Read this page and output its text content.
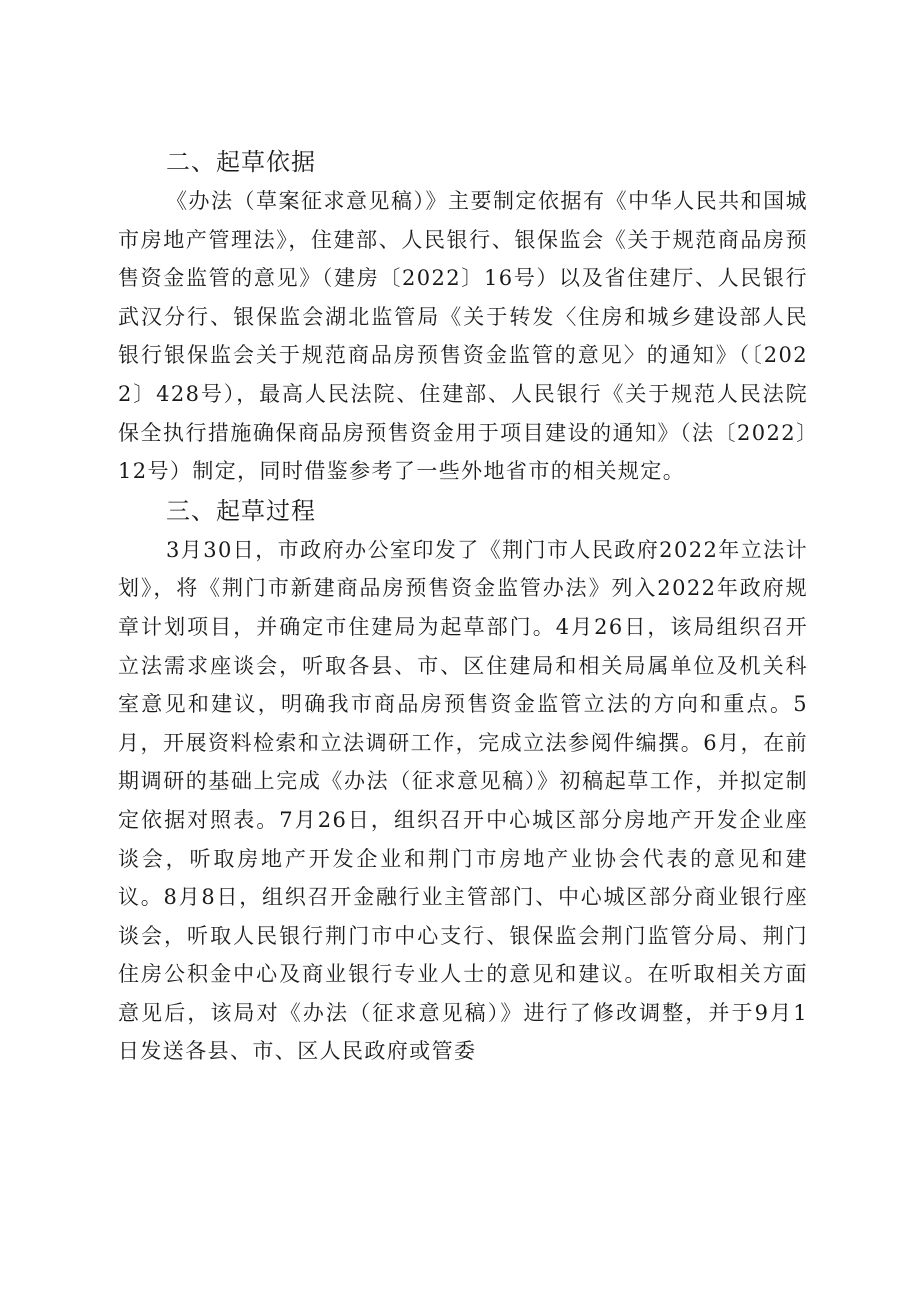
二、起草依据

《办法（草案征求意见稿）》主要制定依据有《中华人民共和国城市房地产管理法》，住建部、人民银行、银保监会《关于规范商品房预售资金监管的意见》（建房〔2022〕16号）以及省住建厅、人民银行武汉分行、银保监会湖北监管局《关于转发〈住房和城乡建设部人民银行银保监会关于规范商品房预售资金监管的意见〉的通知》（〔2022〕428号），最高人民法院、住建部、人民银行《关于规范人民法院保全执行措施确保商品房预售资金用于项目建设的通知》（法〔2022〕12号）制定，同时借鉴参考了一些外地省市的相关规定。

三、起草过程

3月30日，市政府办公室印发了《荆门市人民政府2022年立法计划》，将《荆门市新建商品房预售资金监管办法》列入2022年政府规章计划项目，并确定市住建局为起草部门。4月26日，该局组织召开立法需求座谈会，听取各县、市、区住建局和相关局属单位及机关科室意见和建议，明确我市商品房预售资金监管立法的方向和重点。5月，开展资料检索和立法调研工作，完成立法参阅件编撰。6月，在前期调研的基础上完成《办法（征求意见稿）》初稿起草工作，并拟定制定依据对照表。7月26日，组织召开中心城区部分房地产开发企业座谈会，听取房地产开发企业和荆门市房地产业协会代表的意见和建议。8月8日，组织召开金融行业主管部门、中心城区部分商业银行座谈会，听取人民银行荆门市中心支行、银保监会荆门监管分局、荆门住房公积金中心及商业银行专业人士的意见和建议。在听取相关方面意见后，该局对《办法（征求意见稿）》进行了修改调整，并于9月1日发送各县、市、区人民政府或管委
